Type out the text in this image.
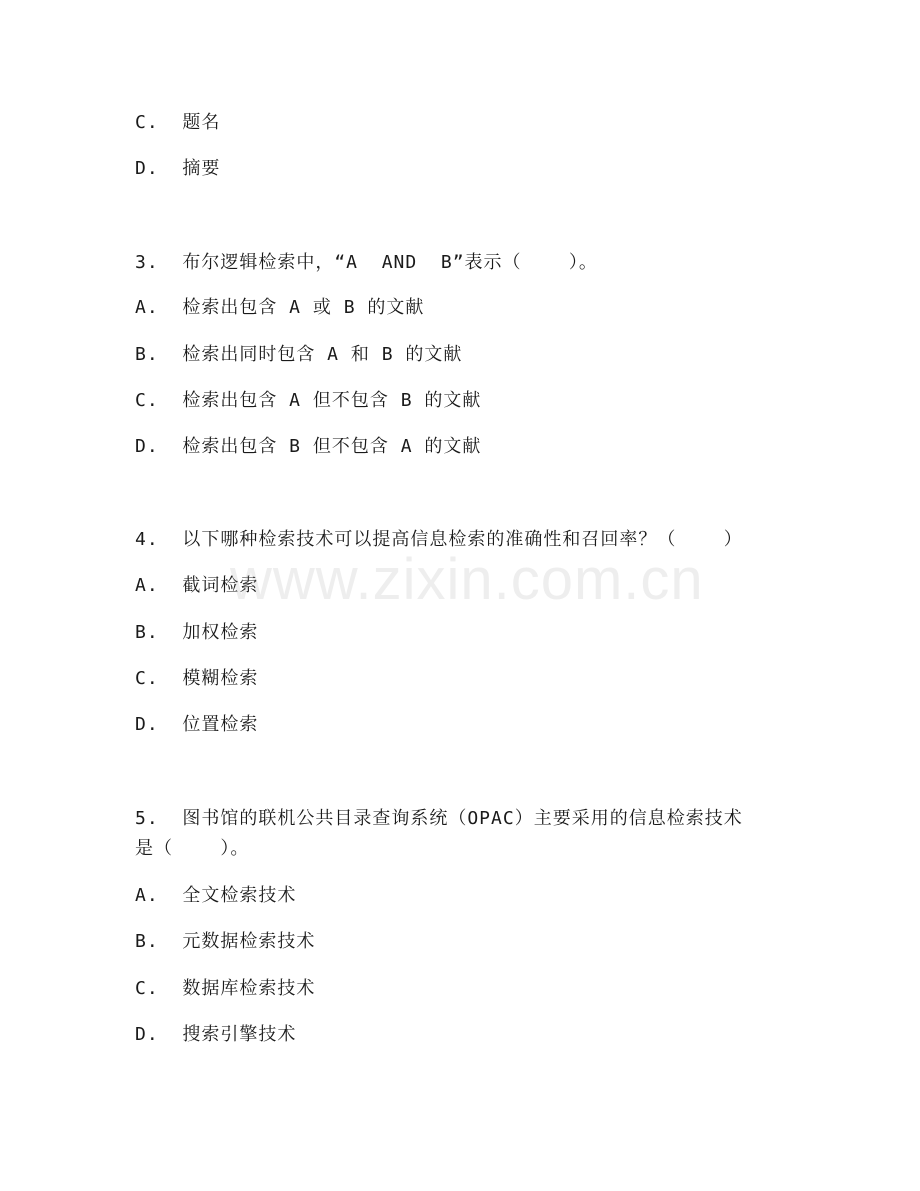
C.  题名
D.  摘要
3.  布尔逻辑检索中，“A  AND  B”表示（    ）。
A.  检索出包含 A 或 B 的文献
B.  检索出同时包含 A 和 B 的文献
C.  检索出包含 A 但不包含 B 的文献
D.  检索出包含 B 但不包含 A 的文献
4.  以下哪种检索技术可以提高信息检索的准确性和召回率？（    ）
A.  截词检索
B.  加权检索
C.  模糊检索
D.  位置检索
5.  图书馆的联机公共目录查询系统（OPAC）主要采用的信息检索技术
是（    ）。
A.  全文检索技术
B.  元数据检索技术
C.  数据库检索技术
D.  搜索引擎技术
www.zixin.com.cn
